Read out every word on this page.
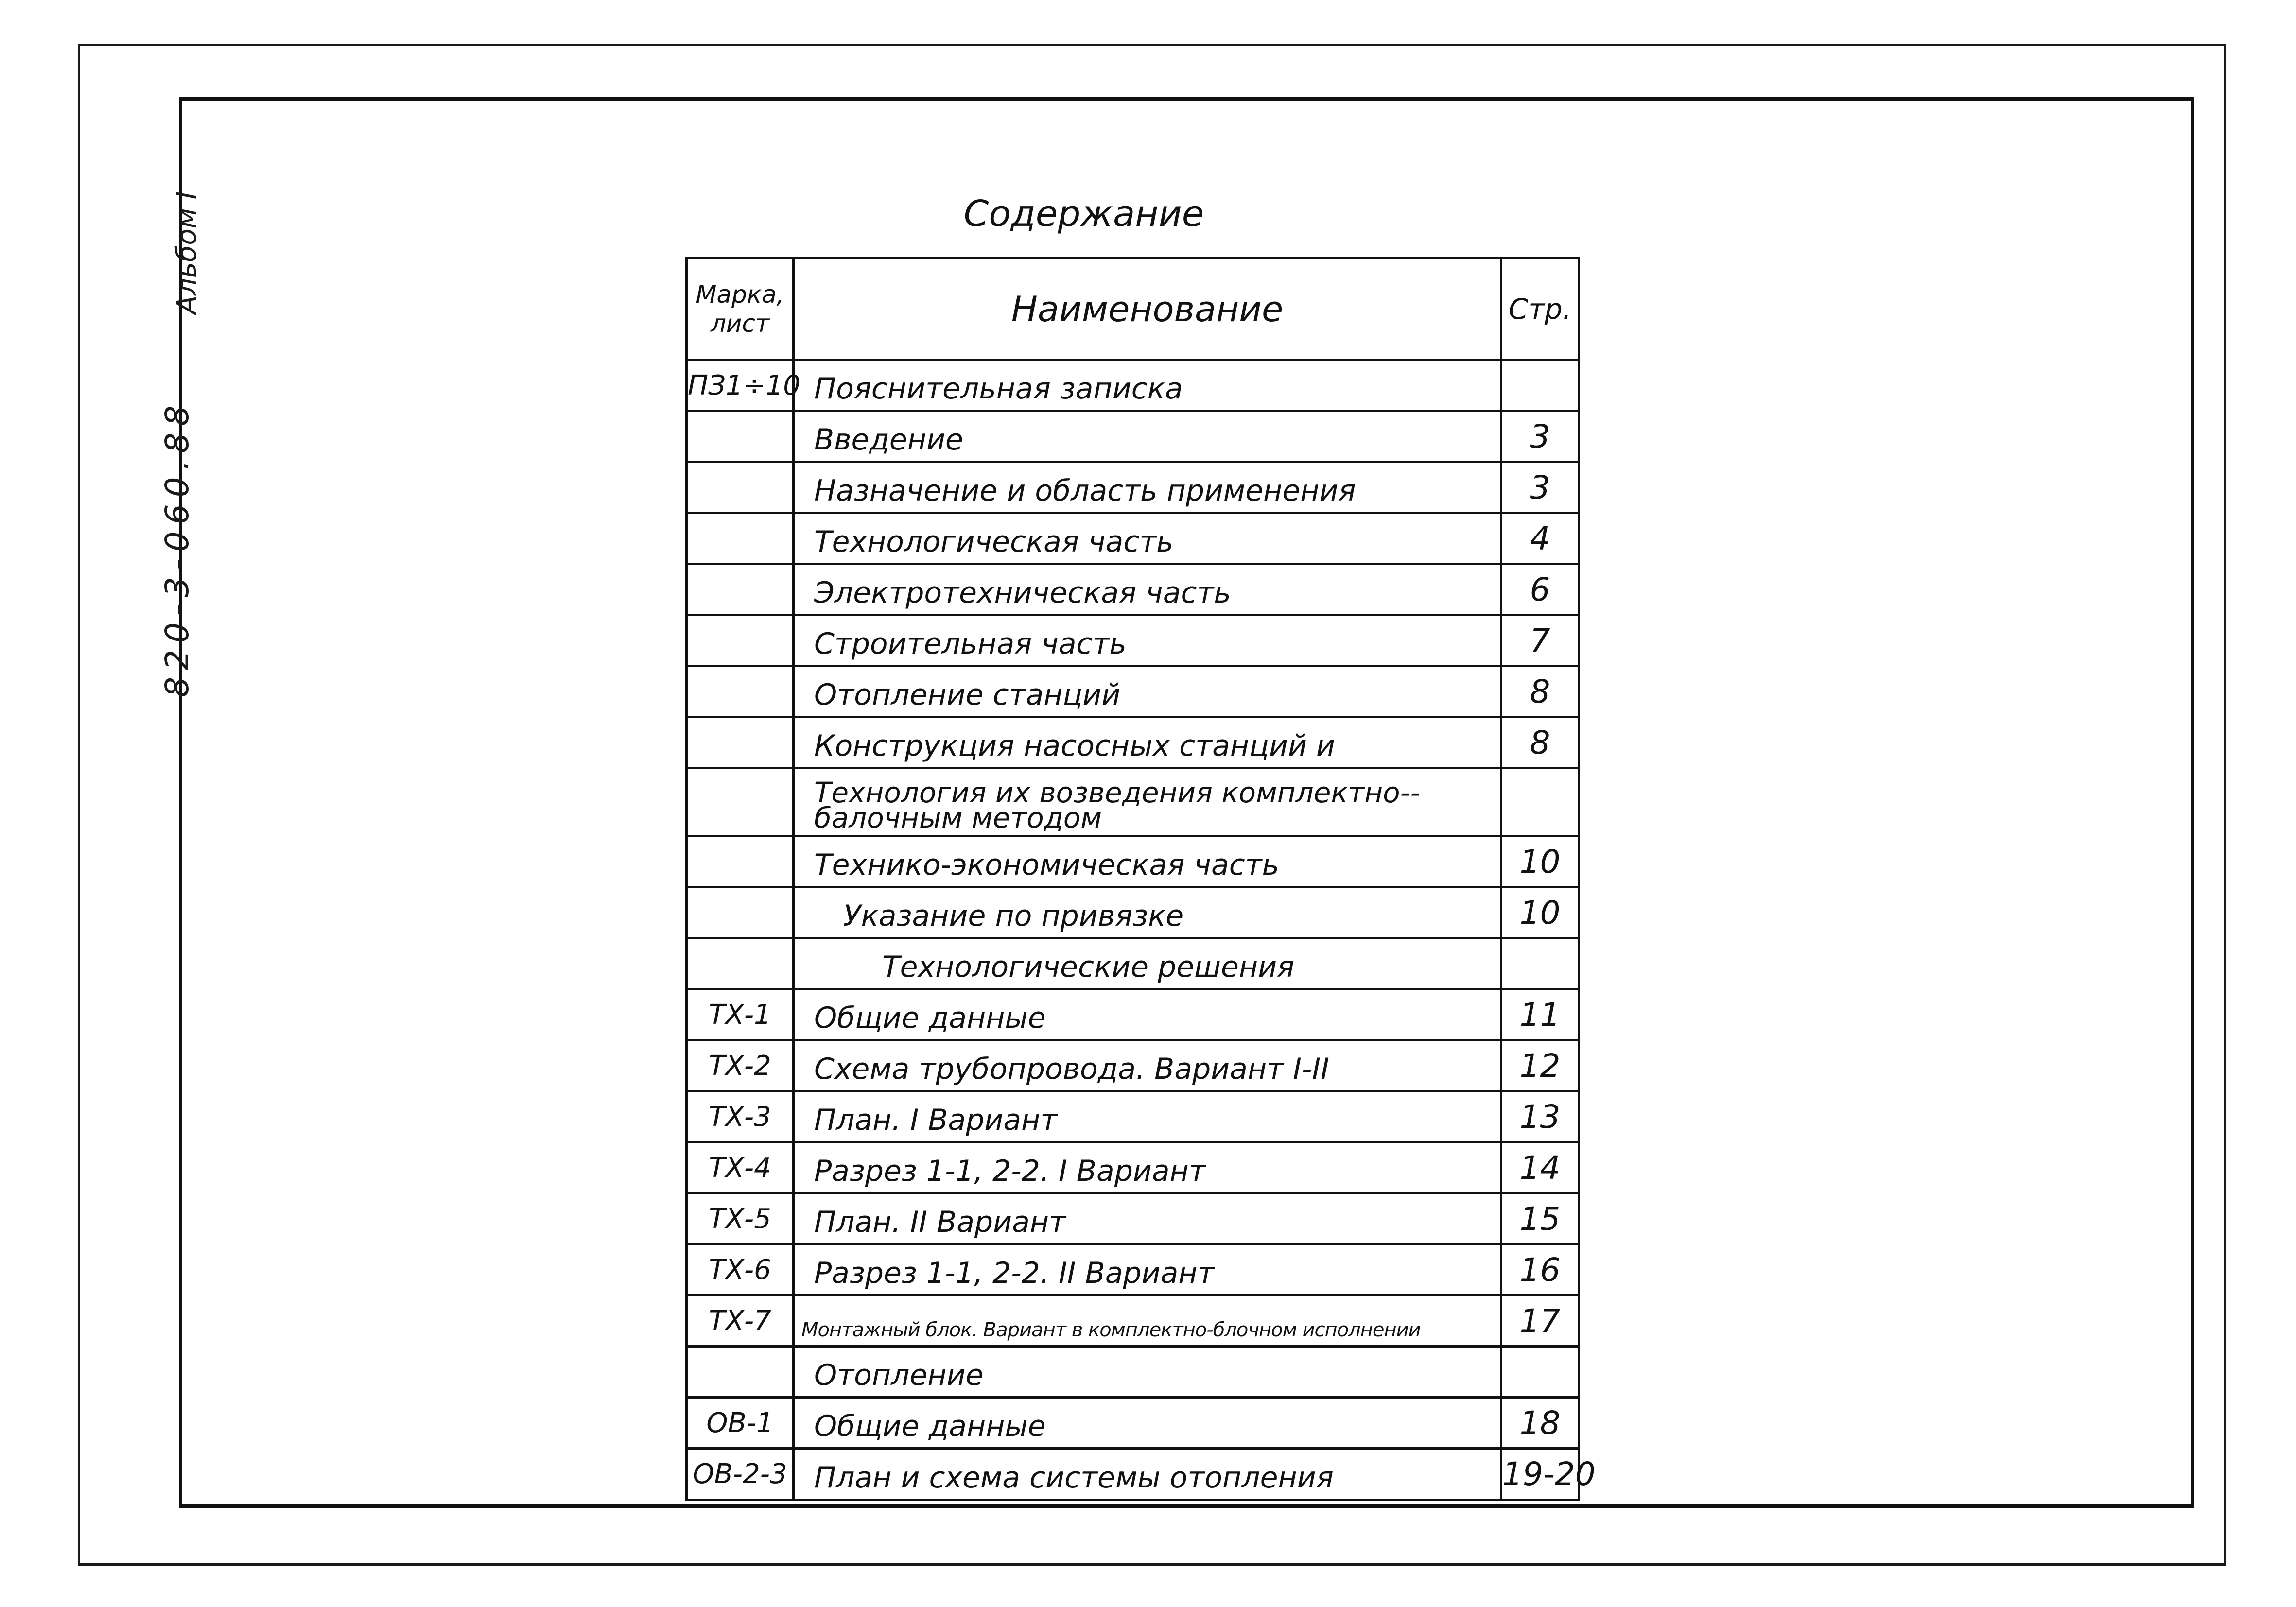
Альбом I
820-3-060.88
Содержание
Марка,
лист	Наименование	Стр.
ПЗ1÷10	Пояснительная записка	
	Введение	3
	Назначение и область применения	3
	Технологическая часть	4
	Электротехническая часть	6
	Строительная часть	7
	Отопление станций	8
	Конструкция насосных станций и	8
	Технология их возведения комплектно--балочным методом	
	Технико-экономическая часть	10
	Указание по привязке	10
	Технологические решения	
ТХ-1	Общие данные	11
ТХ-2	Схема трубопровода. Вариант I-II	12
ТХ-3	План. I Вариант	13
ТХ-4	Разрез 1-1, 2-2. I Вариант	14
ТХ-5	План. II Вариант	15
ТХ-6	Разрез 1-1, 2-2. II Вариант	16
ТХ-7	Монтажный блок. Вариант в комплектно-блочном исполнении	17
	Отопление	
ОВ-1	Общие данные	18
ОВ-2-3	План и схема системы отопления	19-20
